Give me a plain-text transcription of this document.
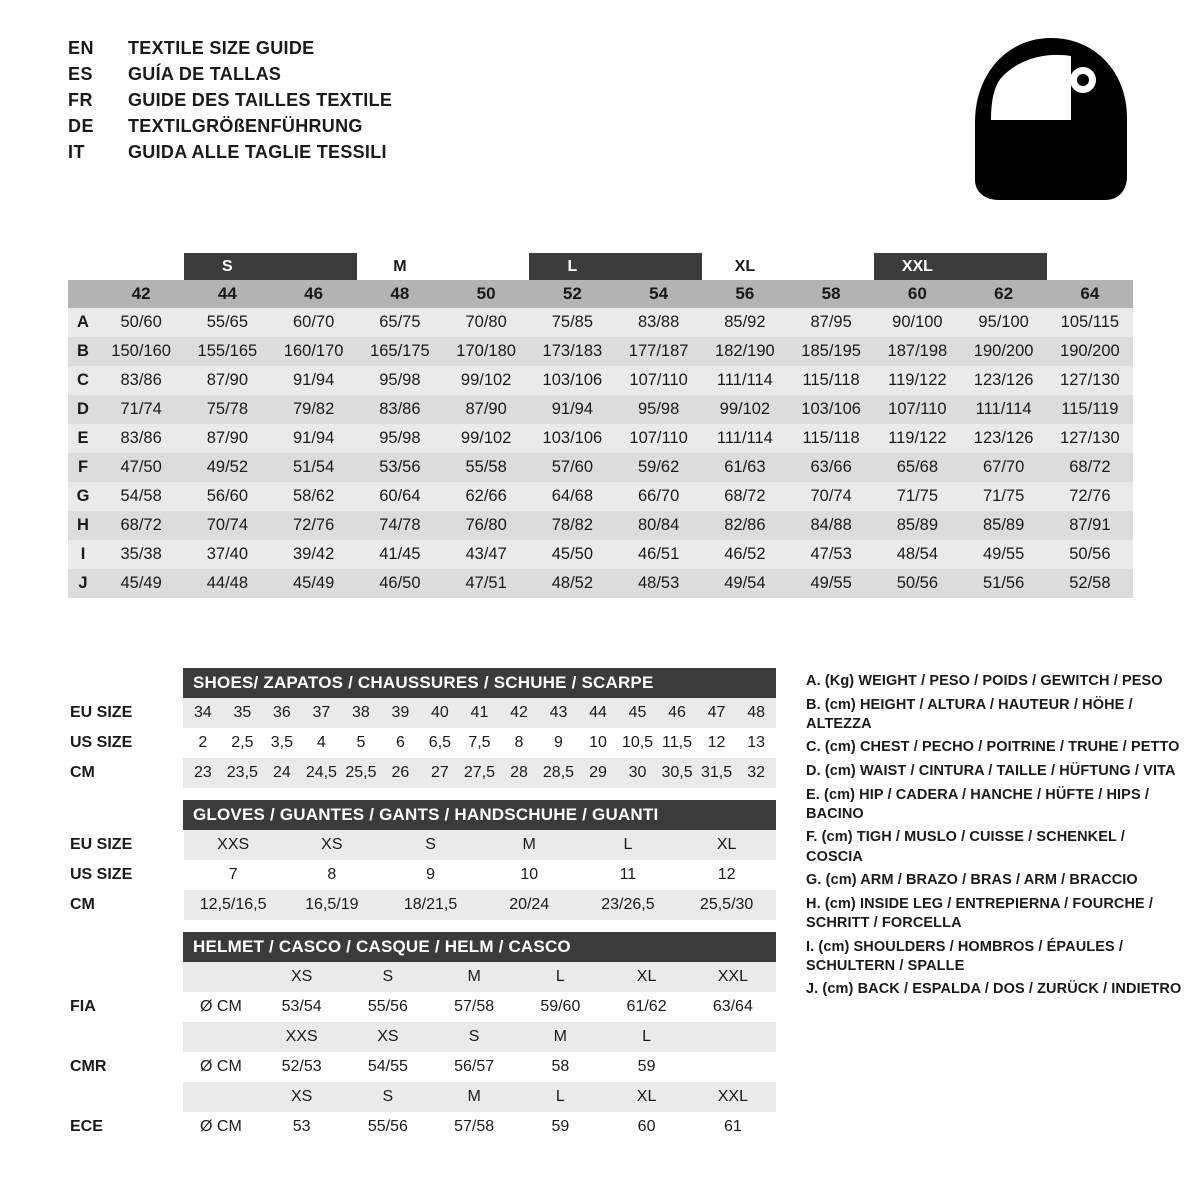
EN	TEXTILE SIZE GUIDE
ES	GUÍA DE TALLAS
FR	GUIDE DES TAILLES TEXTILE
DE	TEXTILGRÖßENFÜHRUNG
IT	GUIDA ALLE TAGLIE TESSILI
		S		M		L		XL		XXL		
	42	44	46	48	50	52	54	56	58	60	62	64
A	50/60	55/65	60/70	65/75	70/80	75/85	83/88	85/92	87/95	90/100	95/100	105/115
B	150/160	155/165	160/170	165/175	170/180	173/183	177/187	182/190	185/195	187/198	190/200	190/200
C	83/86	87/90	91/94	95/98	99/102	103/106	107/110	111/114	115/118	119/122	123/126	127/130
D	71/74	75/78	79/82	83/86	87/90	91/94	95/98	99/102	103/106	107/110	111/114	115/119
E	83/86	87/90	91/94	95/98	99/102	103/106	107/110	111/114	115/118	119/122	123/126	127/130
F	47/50	49/52	51/54	53/56	55/58	57/60	59/62	61/63	63/66	65/68	67/70	68/72
G	54/58	56/60	58/62	60/64	62/66	64/68	66/70	68/72	70/74	71/75	71/75	72/76
H	68/72	70/74	72/76	74/78	76/80	78/82	80/84	82/86	84/88	85/89	85/89	87/91
I	35/38	37/40	39/42	41/45	43/47	45/50	46/51	46/52	47/53	48/54	49/55	50/56
J	45/49	44/48	45/49	46/50	47/51	48/52	48/53	49/54	49/55	50/56	51/56	52/58
SHOES/ ZAPATOS / CHAUSSURES / SCHUHE / SCARPE
EU SIZE	34	35	36	37	38	39	40	41	42	43	44	45	46	47	48
US SIZE	2	2,5	3,5	4	5	6	6,5	7,5	8	9	10	10,5	11,5	12	13
CM	23	23,5	24	24,5	25,5	26	27	27,5	28	28,5	29	30	30,5	31,5	32
GLOVES / GUANTES / GANTS / HANDSCHUHE / GUANTI
EU SIZE	XXS	XS	S	M	L	XL
US SIZE	7	8	9	10	11	12
CM	12,5/16,5	16,5/19	18/21,5	20/24	23/26,5	25,5/30
HELMET / CASCO / CASQUE / HELM / CASCO
		XS	S	M	L	XL	XXL
FIA	Ø CM	53/54	55/56	57/58	59/60	61/62	63/64
		XXS	XS	S	M	L	
CMR	Ø CM	52/53	54/55	56/57	58	59	
		XS	S	M	L	XL	XXL
ECE	Ø CM	53	55/56	57/58	59	60	61

A. (Kg) WEIGHT / PESO / POIDS / GEWITCH / PESO

B. (cm) HEIGHT / ALTURA / HAUTEUR / HÖHE / ALTEZZA

C. (cm) CHEST / PECHO / POITRINE / TRUHE / PETTO

D. (cm) WAIST / CINTURA / TAILLE / HÜFTUNG / VITA

E. (cm) HIP / CADERA / HANCHE / HÜFTE / HIPS / BACINO

F. (cm) TIGH / MUSLO / CUISSE / SCHENKEL / COSCIA

G. (cm) ARM / BRAZO / BRAS / ARM / BRACCIO

H. (cm) INSIDE LEG / ENTREPIERNA / FOURCHE / SCHRITT / FORCELLA

I. (cm) SHOULDERS / HOMBROS / ÉPAULES / SCHULTERN / SPALLE

J. (cm) BACK / ESPALDA / DOS / ZURÜCK / INDIETRO
